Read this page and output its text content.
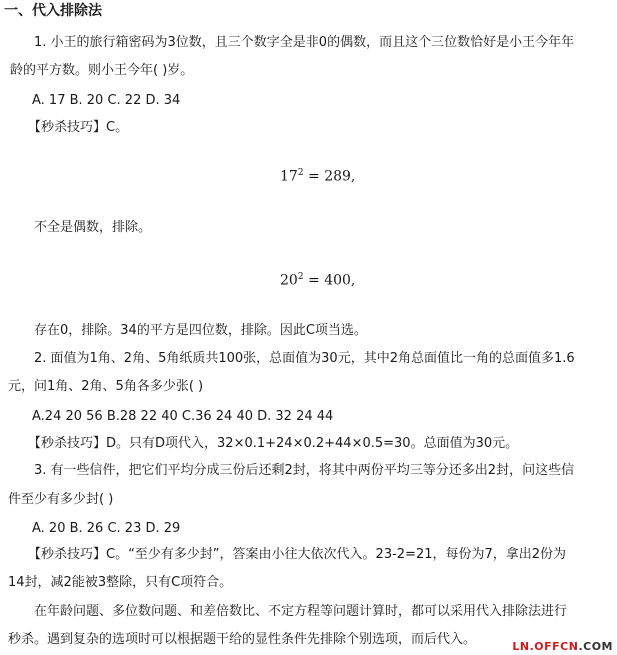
一、代入排除法
1. 小王的旅行箱密码为3位数，且三个数字全是非0的偶数，而且这个三位数恰好是小王今年年
龄的平方数。则小王今年( )岁。
A. 17 B. 20 C. 22 D. 34
【秒杀技巧】C。
$17^2 = 289$,
不全是偶数，排除。
$20^2 = 400$,
存在0，排除。34的平方是四位数，排除。因此C项当选。
2. 面值为1角、2角、5角纸质共100张，总面值为30元，其中2角总面值比一角的总面值多1.6
元，问1角、2角、5角各多少张( )
A.24 20 56 B.28 22 40 C.36 24 40 D. 32 24 44
【秒杀技巧】D。只有D项代入，32×0.1+24×0.2+44×0.5=30。总面值为30元。
3. 有一些信件，把它们平均分成三份后还剩2封，将其中两份平均三等分还多出2封，问这些信
件至少有多少封( )
A. 20 B. 26 C. 23 D. 29
【秒杀技巧】C。“至少有多少封”，答案由小往大依次代入。23-2=21，每份为7，拿出2份为
14封，减2能被3整除，只有C项符合。
在年龄问题、多位数问题、和差倍数比、不定方程等问题计算时，都可以采用代入排除法进行
秒杀。遇到复杂的选项时可以根据题干给的显性条件先排除个别选项，而后代入。	LN.OFFCN.COM
